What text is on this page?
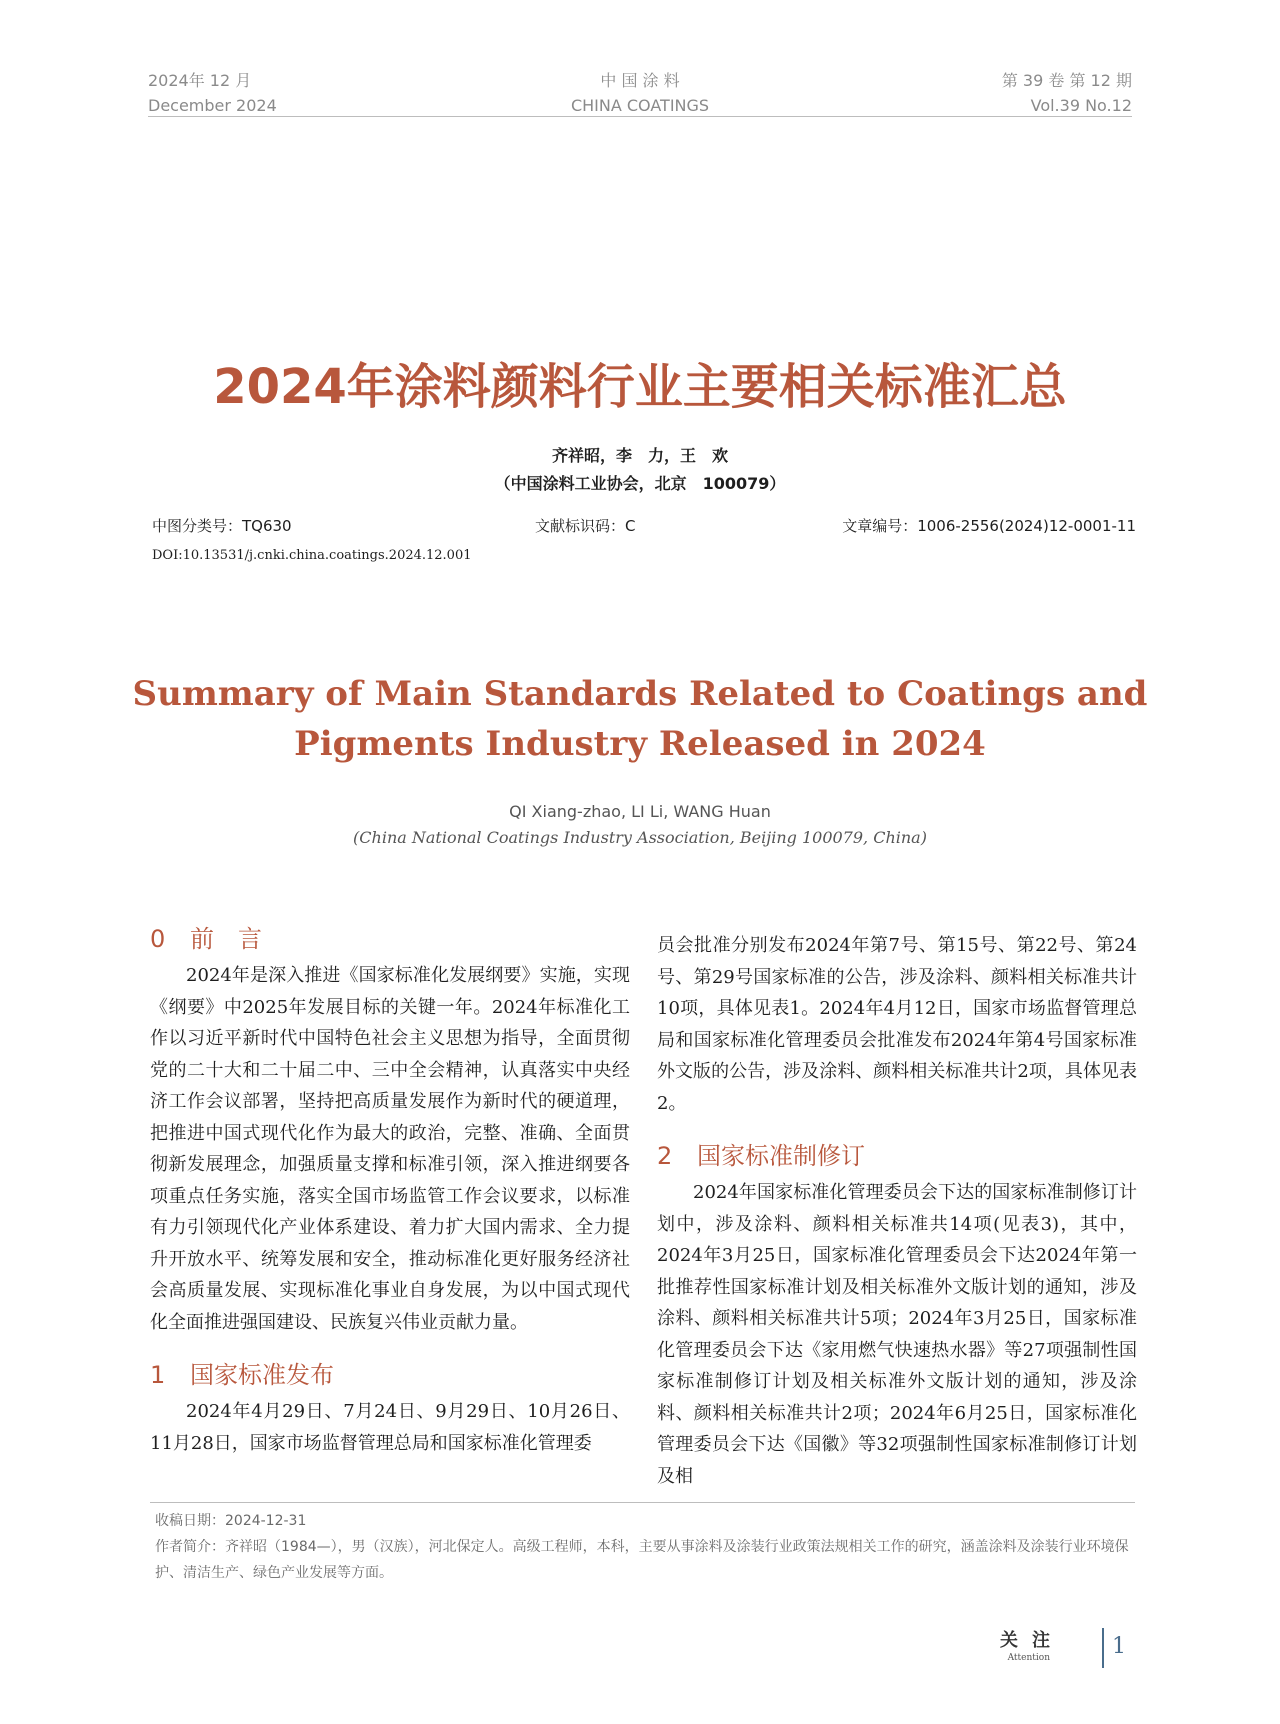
2024年 12 月
December 2024
中 国 涂 料
CHINA COATINGS
第 39 卷 第 12 期
Vol.39 No.12
2024年涂料颜料行业主要相关标准汇总
齐祥昭，李　力，王　欢
（中国涂料工业协会，北京　100079）
中图分类号：TQ630	文献标识码：C	文章编号：1006-2556(2024)12-0001-11
DOI:10.13531/j.cnki.china.coatings.2024.12.001
Summary of Main Standards Related to Coatings and
Pigments Industry Released in 2024
QI Xiang-zhao, LI Li, WANG Huan
(China National Coatings Industry Association, Beijing 100079, China)
0 前　言

2024年是深入推进《国家标准化发展纲要》实施，实现《纲要》中2025年发展目标的关键一年。2024年标准化工作以习近平新时代中国特色社会主义思想为指导，全面贯彻党的二十大和二十届二中、三中全会精神，认真落实中央经济工作会议部署，坚持把高质量发展作为新时代的硬道理，把推进中国式现代化作为最大的政治，完整、准确、全面贯彻新发展理念，加强质量支撑和标准引领，深入推进纲要各项重点任务实施，落实全国市场监管工作会议要求，以标准有力引领现代化产业体系建设、着力扩大国内需求、全力提升开放水平、统筹发展和安全，推动标准化更好服务经济社会高质量发展、实现标准化事业自身发展，为以中国式现代化全面推进强国建设、民族复兴伟业贡献力量。

1 国家标准发布

2024年4月29日、7月24日、9月29日、10月26日、11月28日，国家市场监督管理总局和国家标准化管理委

员会批准分别发布2024年第7号、第15号、第22号、第24号、第29号国家标准的公告，涉及涂料、颜料相关标准共计10项，具体见表1。2024年4月12日，国家市场监督管理总局和国家标准化管理委员会批准发布2024年第4号国家标准外文版的公告，涉及涂料、颜料相关标准共计2项，具体见表2。

2 国家标准制修订

2024年国家标准化管理委员会下达的国家标准制修订计划中，涉及涂料、颜料相关标准共14项(见表3)，其中，2024年3月25日，国家标准化管理委员会下达2024年第一批推荐性国家标准计划及相关标准外文版计划的通知，涉及涂料、颜料相关标准共计5项；2024年3月25日，国家标准化管理委员会下达《家用燃气快速热水器》等27项强制性国家标准制修订计划及相关标准外文版计划的通知，涉及涂料、颜料相关标准共计2项；2024年6月25日，国家标准化管理委员会下达《国徽》等32项强制性国家标准制修订计划及相

收稿日期：2024-12-31
作者简介：齐祥昭（1984—），男（汉族），河北保定人。高级工程师，本科，主要从事涂料及涂装行业政策法规相关工作的研究，涵盖涂料及涂装行业环境保护、清洁生产、绿色产业发展等方面。
关注
Attention	1
